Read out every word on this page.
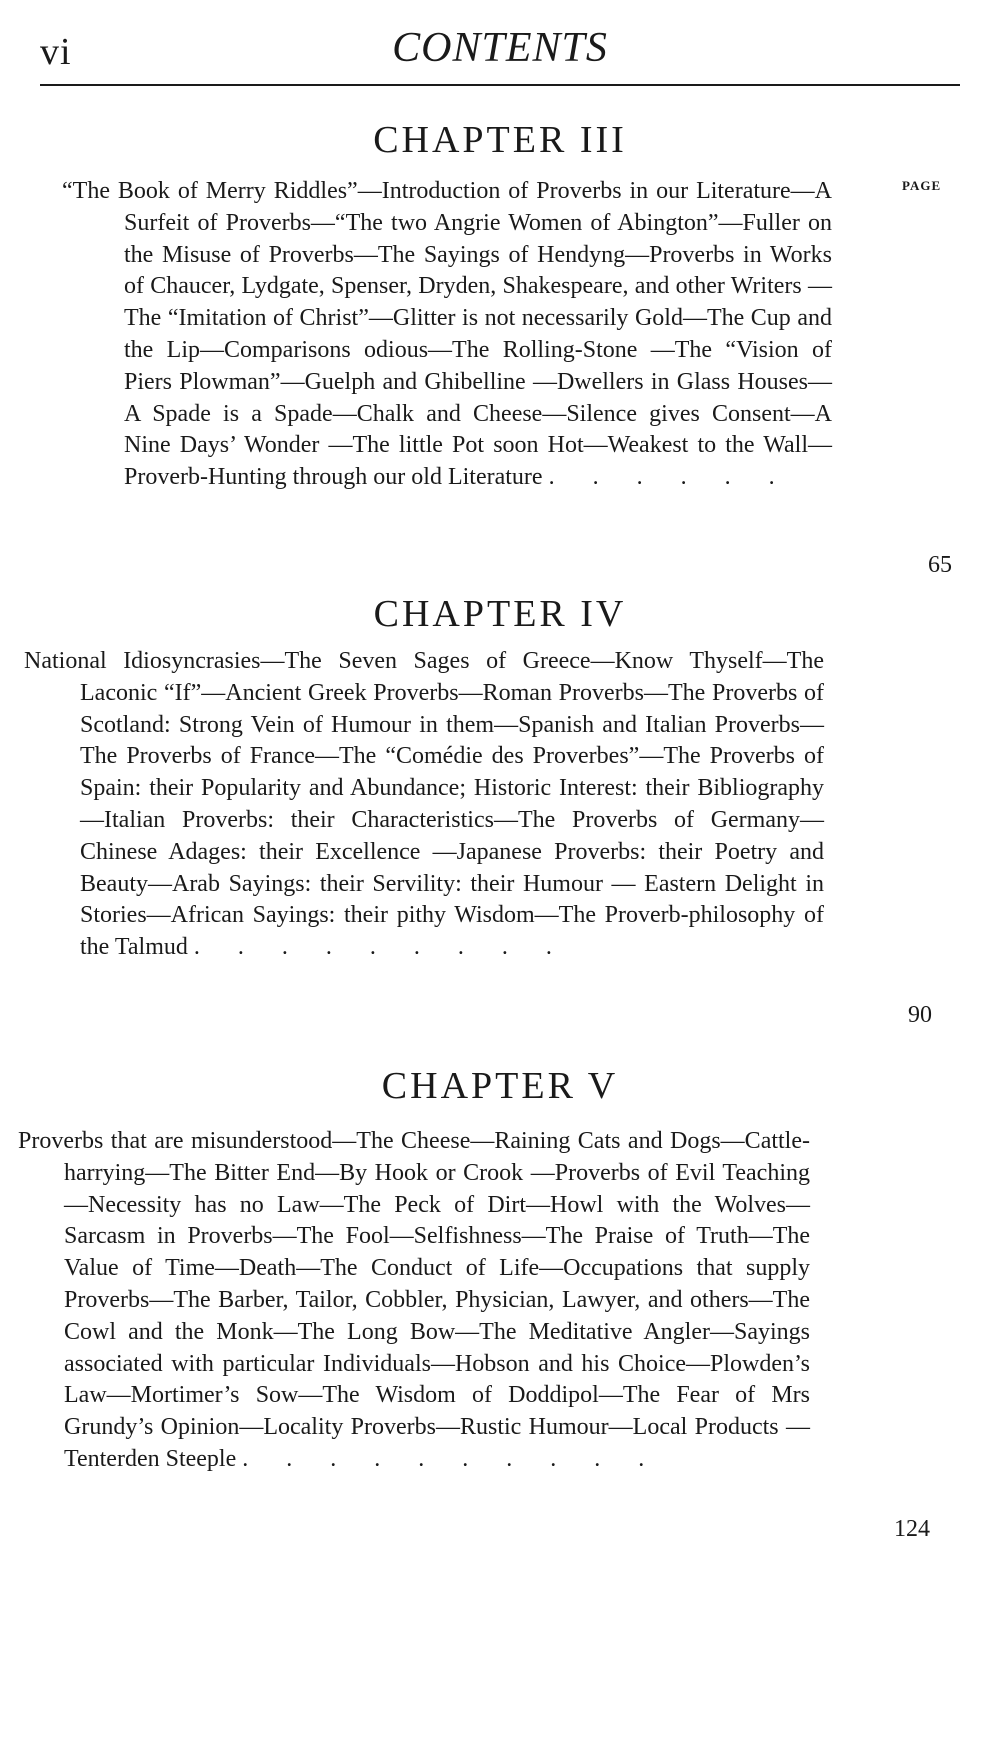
vi	CONTENTS
CHAPTER III
PAGE

“The Book of Merry Riddles”—Introduction of Proverbs in our Literature—A Surfeit of Proverbs—“The two Angrie Women of Abington”—Fuller on the Misuse of Proverbs—The Sayings of Hendyng—Proverbs in Works of Chaucer, Lydgate, Spenser, Dryden, Shakespeare, and other Writers — The “Imitation of Christ”—Glitter is not necessarily Gold—The Cup and the Lip—Comparisons odious—The Rolling-Stone —The “Vision of Piers Plowman”—Guelph and Ghibelline —Dwellers in Glass Houses—A Spade is a Spade—Chalk and Cheese—Silence gives Consent—A Nine Days’ Wonder —The little Pot soon Hot—Weakest to the Wall—Proverb-Hunting through our old Literature . . . . . .

65
CHAPTER IV

National Idiosyncrasies—The Seven Sages of Greece—Know Thyself—The Laconic “If”—Ancient Greek Proverbs—Roman Proverbs—The Proverbs of Scotland: Strong Vein of Humour in them—Spanish and Italian Proverbs—The Proverbs of France—The “Comédie des Proverbes”—The Proverbs of Spain: their Popularity and Abundance; Historic Interest: their Bibliography—Italian Proverbs: their Characteristics—The Proverbs of Germany—Chinese Adages: their Excellence —Japanese Proverbs: their Poetry and Beauty—Arab Sayings: their Servility: their Humour — Eastern Delight in Stories—African Sayings: their pithy Wisdom—The Proverb-philosophy of the Talmud . . . . . . . . .

90
CHAPTER V

Proverbs that are misunderstood—The Cheese—Raining Cats and Dogs—Cattle-harrying—The Bitter End—By Hook or Crook —Proverbs of Evil Teaching—Necessity has no Law—The Peck of Dirt—Howl with the Wolves—Sarcasm in Proverbs—The Fool—Selfishness—The Praise of Truth—The Value of Time—Death—The Conduct of Life—Occupations that supply Proverbs—The Barber, Tailor, Cobbler, Physician, Lawyer, and others—The Cowl and the Monk—The Long Bow—The Meditative Angler—Sayings associated with particular Individuals—Hobson and his Choice—Plowden’s Law—Mortimer’s Sow—The Wisdom of Doddipol—The Fear of Mrs Grundy’s Opinion—Locality Proverbs—Rustic Humour—Local Products —Tenterden Steeple . . . . . . . . . .

124
